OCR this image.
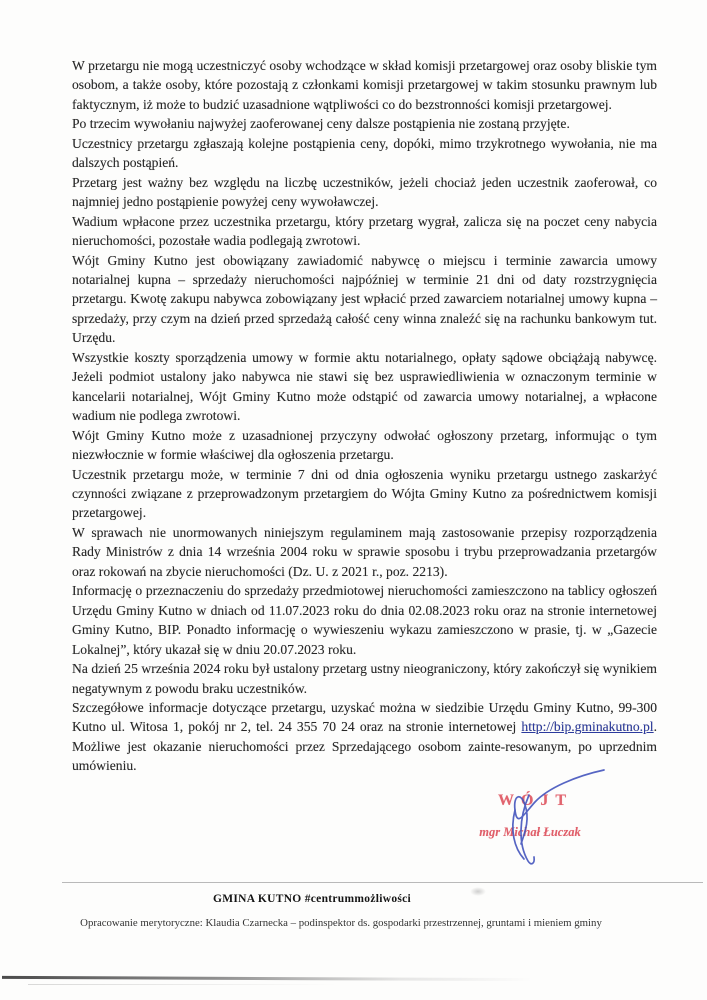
W przetargu nie mogą uczestniczyć osoby wchodzące w skład komisji przetargowej oraz osoby bliskie tym osobom, a także osoby, które pozostają z członkami komisji przetargowej w takim stosunku prawnym lub faktycznym, iż może to budzić uzasadnione wątpliwości co do bezstronności komisji przetargowej.

Po trzecim wywołaniu najwyżej zaoferowanej ceny dalsze postąpienia nie zostaną przyjęte.

Uczestnicy przetargu zgłaszają kolejne postąpienia ceny, dopóki, mimo trzykrotnego wywołania, nie ma dalszych postąpień.

Przetarg jest ważny bez względu na liczbę uczestników, jeżeli chociaż jeden uczestnik zaoferował, co najmniej jedno postąpienie powyżej ceny wywoławczej.

Wadium wpłacone przez uczestnika przetargu, który przetarg wygrał, zalicza się na poczet ceny nabycia nieruchomości, pozostałe wadia podlegają zwrotowi.

Wójt Gminy Kutno jest obowiązany zawiadomić nabywcę o miejscu i terminie zawarcia umowy notarialnej kupna – sprzedaży nieruchomości najpóźniej w terminie 21 dni od daty rozstrzygnięcia przetargu. Kwotę zakupu nabywca zobowiązany jest wpłacić przed zawarciem notarialnej umowy kupna – sprzedaży, przy czym na dzień przed sprzedażą całość ceny winna znaleźć się na rachunku bankowym tut. Urzędu.

Wszystkie koszty sporządzenia umowy w formie aktu notarialnego, opłaty sądowe obciążają nabywcę. Jeżeli podmiot ustalony jako nabywca nie stawi się bez usprawiedliwienia w oznaczonym terminie w kancelarii notarialnej, Wójt Gminy Kutno może odstąpić od zawarcia umowy notarialnej, a wpłacone wadium nie podlega zwrotowi.

Wójt Gminy Kutno może z uzasadnionej przyczyny odwołać ogłoszony przetarg, informując o tym niezwłocznie w formie właściwej dla ogłoszenia przetargu.

Uczestnik przetargu może, w terminie 7 dni od dnia ogłoszenia wyniku przetargu ustnego zaskarżyć czynności związane z przeprowadzonym przetargiem do Wójta Gminy Kutno za pośrednictwem komisji przetargowej.

W sprawach nie unormowanych niniejszym regulaminem mają zastosowanie przepisy rozporządzenia Rady Ministrów z dnia 14 września 2004 roku w sprawie sposobu i trybu przeprowadzania przetargów oraz rokowań na zbycie nieruchomości (Dz. U. z 2021 r., poz. 2213).

Informację o przeznaczeniu do sprzedaży przedmiotowej nieruchomości zamieszczono na tablicy ogłoszeń Urzędu Gminy Kutno w dniach od 11.07.2023 roku do dnia 02.08.2023 roku oraz na stronie internetowej Gminy Kutno, BIP. Ponadto informację o wywieszeniu wykazu zamieszczono w prasie, tj. w „Gazecie Lokalnej”, który ukazał się w dniu 20.07.2023 roku.

Na dzień 25 września 2024 roku był ustalony przetarg ustny nieograniczony, który zakończył się wynikiem negatywnym z powodu braku uczestników.

Szczegółowe informacje dotyczące przetargu, uzyskać można w siedzibie Urzędu Gminy Kutno, 99-300 Kutno ul. Witosa 1, pokój nr 2, tel. 24 355 70 24 oraz na stronie internetowej http://bip.gminakutno.pl. Możliwe jest okazanie nieruchomości przez Sprzedającego osobom zainte-resowanym, po uprzednim umówieniu.

WÓJT
mgr Michał Łuczak
GMINA KUTNO #centrummożliwości
Opracowanie merytoryczne: Klaudia Czarnecka – podinspektor ds. gospodarki przestrzennej, gruntami i mieniem gminy
